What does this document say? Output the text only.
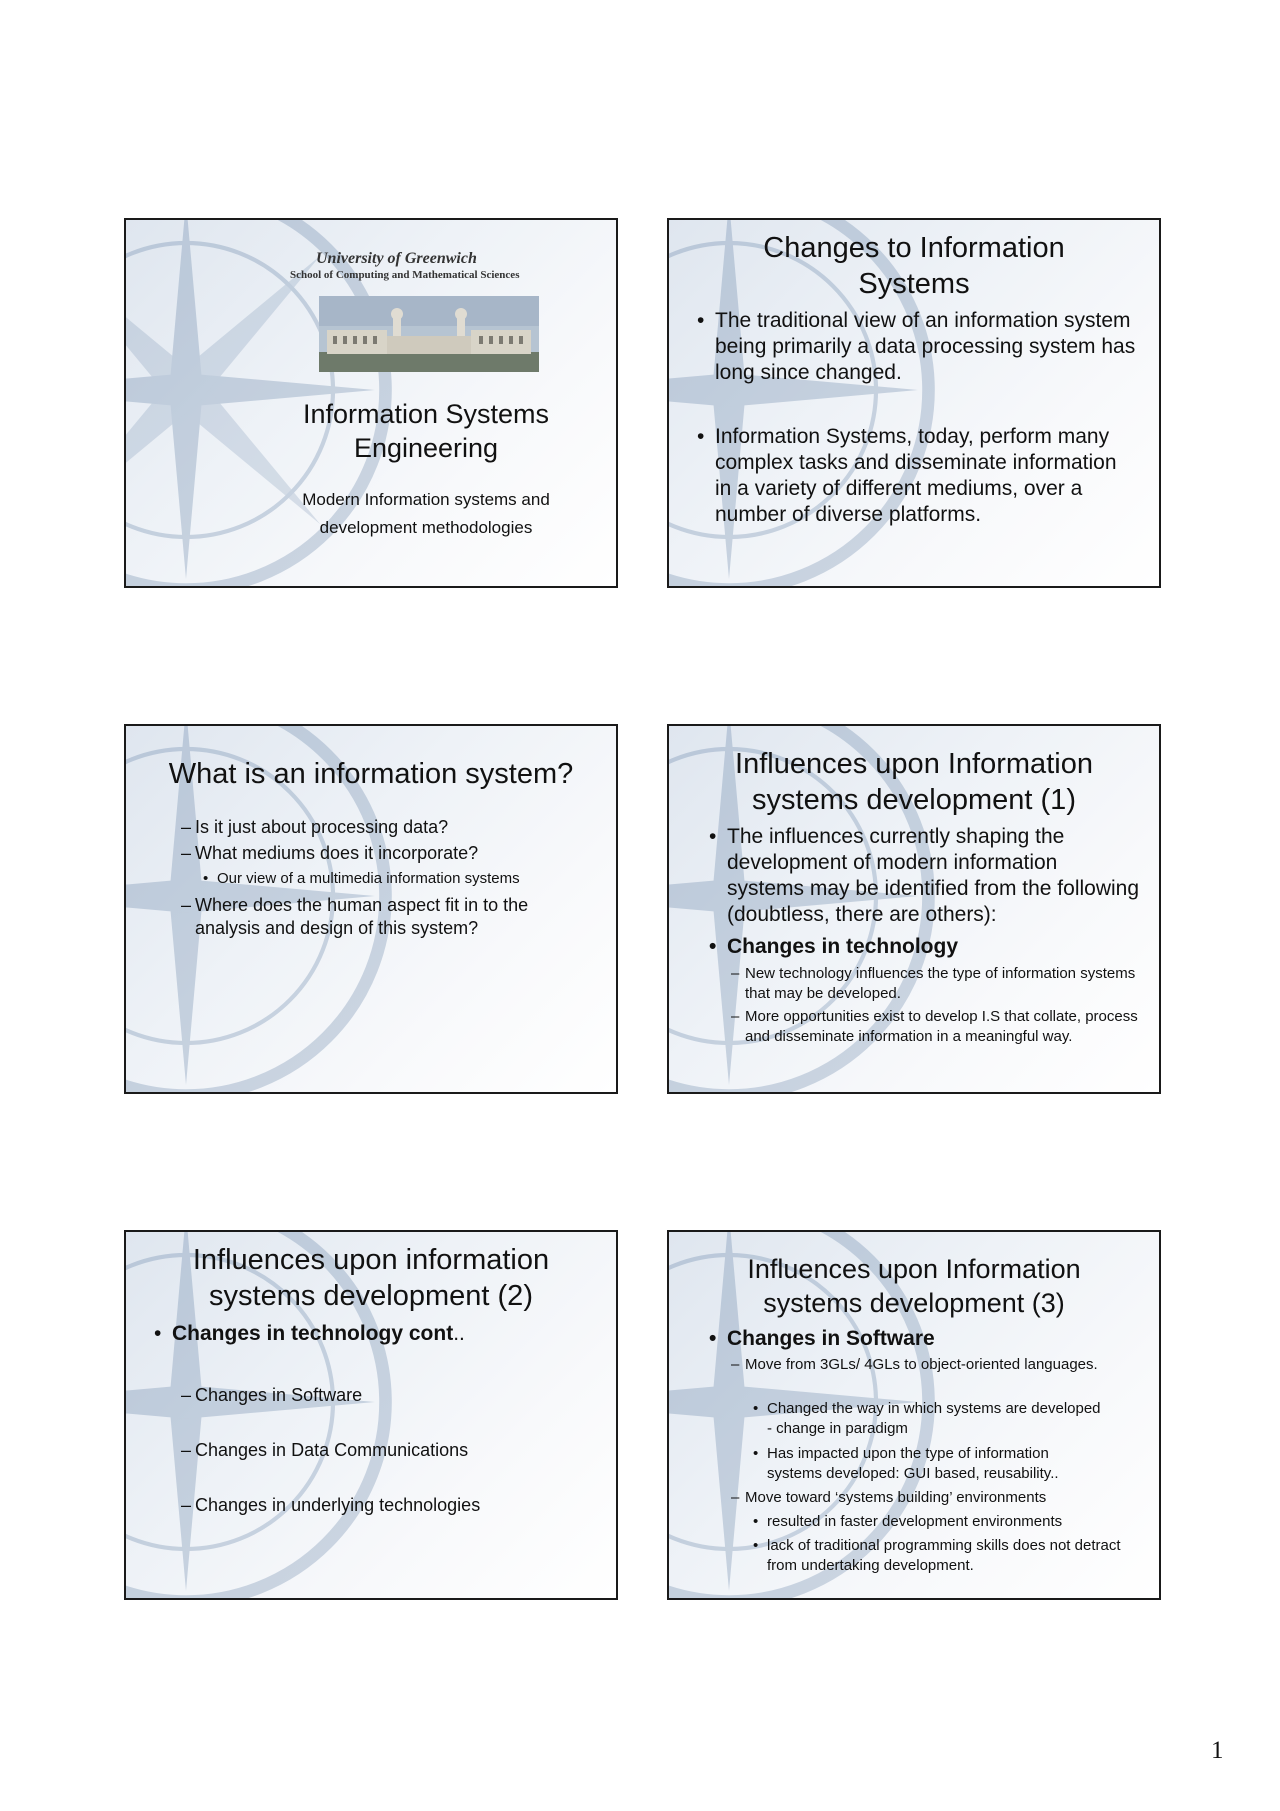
University of Greenwich
School of Computing and Mathematical Sciences
Information Systems Engineering
Modern Information systems and
development methodologies
Changes to Information
Systems
• The traditional view of an information system being primarily a data processing system has long since changed.
• Information Systems, today, perform many complex tasks and disseminate information in a variety of different mediums, over a number of diverse platforms.
What is an information system?
– Is it just about processing data?
– What mediums does it incorporate?
• Our view of a multimedia information systems
– Where does the human aspect fit in to the analysis and design of this system?
Influences upon Information
systems development (1)
• The influences currently shaping the development of modern information systems may be identified from the following (doubtless, there are others):
• Changes in technology
– New technology influences the type of information systems that may be developed.
– More opportunities exist to develop I.S that collate, process and disseminate information in a meaningful way.
Influences upon information
systems development (2)
• Changes in technology cont..
– Changes in Software
– Changes in Data Communications
– Changes in underlying technologies
Influences upon Information
systems development (3)
• Changes in Software
– Move from 3GLs/ 4GLs to object-oriented languages.
• Changed the way in which systems are developed - change in paradigm
• Has impacted upon the type of information systems developed: GUI based, reusability..
– Move toward ‘systems building’ environments
• resulted in faster development environments
• lack of traditional programming skills does not detract from undertaking development.
1
